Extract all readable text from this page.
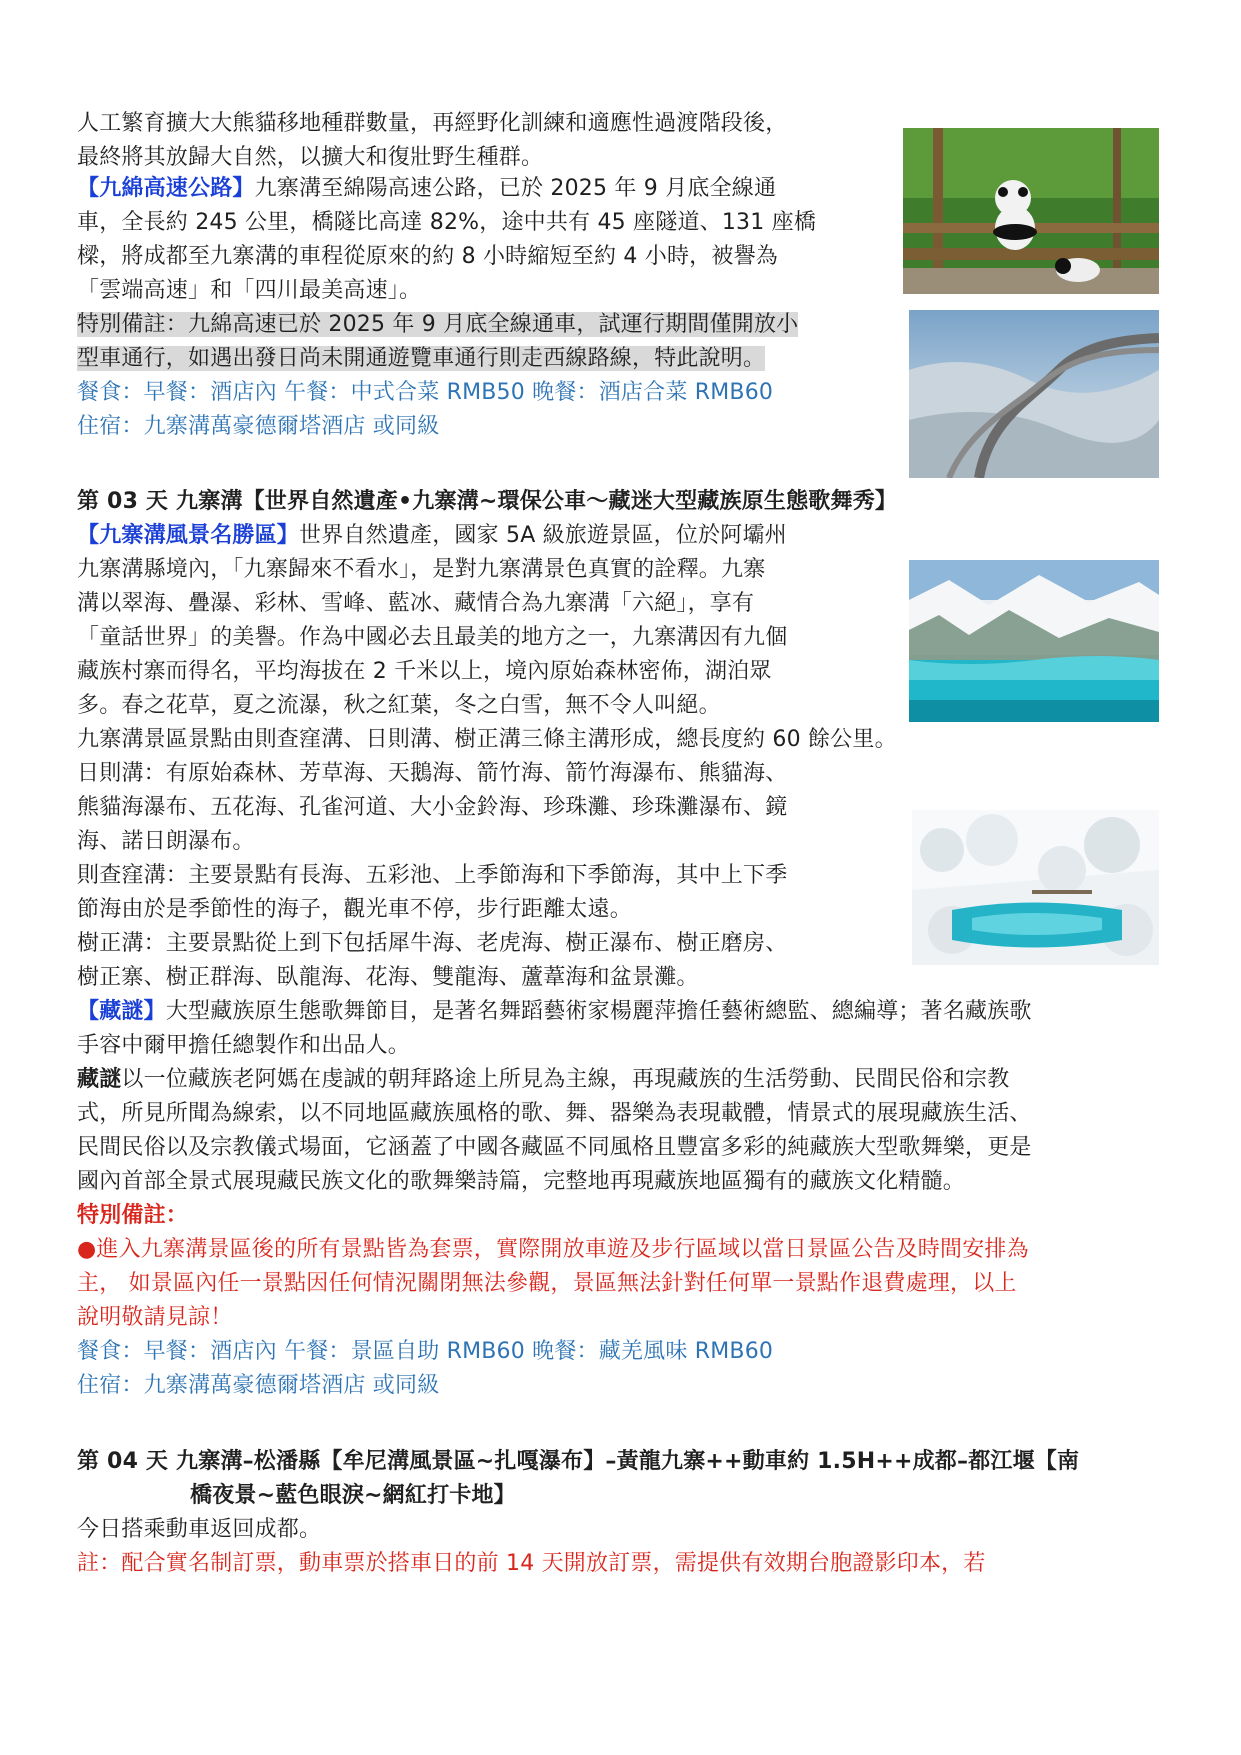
人工繁育擴大大熊貓移地種群數量，再經野化訓練和適應性過渡階段後，
最終將其放歸大自然，以擴大和復壯野生種群。
【九綿高速公路】九寨溝至綿陽高速公路，已於 2025 年 9 月底全線通
車，全長約 245 公里，橋隧比高達 82%，途中共有 45 座隧道、131 座橋
樑，將成都至九寨溝的車程從原來的約 8 小時縮短至約 4 小時，被譽為
「雲端高速」和「四川最美高速」。
特別備註：九綿高速已於 2025 年 9 月底全線通車，試運行期間僅開放小
型車通行，如遇出發日尚未開通遊覽車通行則走西線路線，特此說明。
餐食：早餐：酒店內 午餐：中式合菜 RMB50 晚餐：酒店合菜 RMB60
住宿：九寨溝萬豪德爾塔酒店 或同級
第 03 天 九寨溝【世界自然遺產•九寨溝~環保公車～藏迷大型藏族原生態歌舞秀】
【九寨溝風景名勝區】世界自然遺產，國家 5A 級旅遊景區，位於阿壩州
九寨溝縣境內，「九寨歸來不看水」，是對九寨溝景色真實的詮釋。九寨
溝以翠海、疊瀑、彩林、雪峰、藍冰、藏情合為九寨溝「六絕」，享有
「童話世界」的美譽。作為中國必去且最美的地方之一，九寨溝因有九個
藏族村寨而得名，平均海拔在 2 千米以上，境內原始森林密佈，湖泊眾
多。春之花草，夏之流瀑，秋之紅葉，冬之白雪，無不令人叫絕。
九寨溝景區景點由則查窪溝、日則溝、樹正溝三條主溝形成，總長度約 60 餘公里。
日則溝：有原始森林、芳草海、天鵝海、箭竹海、箭竹海瀑布、熊貓海、
熊貓海瀑布、五花海、孔雀河道、大小金鈴海、珍珠灘、珍珠灘瀑布、鏡
海、諾日朗瀑布。
則查窪溝：主要景點有長海、五彩池、上季節海和下季節海，其中上下季
節海由於是季節性的海子，觀光車不停，步行距離太遠。
樹正溝：主要景點從上到下包括犀牛海、老虎海、樹正瀑布、樹正磨房、
樹正寨、樹正群海、臥龍海、花海、雙龍海、蘆葦海和盆景灘。
【藏謎】大型藏族原生態歌舞節目，是著名舞蹈藝術家楊麗萍擔任藝術總監、總編導；著名藏族歌
手容中爾甲擔任總製作和出品人。
藏謎以一位藏族老阿媽在虔誠的朝拜路途上所見為主線，再現藏族的生活勞動、民間民俗和宗教
式，所見所聞為線索，以不同地區藏族風格的歌、舞、器樂為表現載體，情景式的展現藏族生活、
民間民俗以及宗教儀式場面，它涵蓋了中國各藏區不同風格且豐富多彩的純藏族大型歌舞樂，更是
國內首部全景式展現藏民族文化的歌舞樂詩篇，完整地再現藏族地區獨有的藏族文化精髓。
特別備註：
●進入九寨溝景區後的所有景點皆為套票，實際開放車遊及步行區域以當日景區公告及時間安排為
主， 如景區內任一景點因任何情況關閉無法參觀，景區無法針對任何單一景點作退費處理，以上
說明敬請見諒！
餐食：早餐：酒店內 午餐：景區自助 RMB60 晚餐：藏羌風味 RMB60
住宿：九寨溝萬豪德爾塔酒店 或同級
第 04 天 九寨溝–松潘縣【牟尼溝風景區~扎嘎瀑布】–黃龍九寨++動車約 1.5H++成都–都江堰【南
橋夜景~藍色眼淚~網紅打卡地】
今日搭乘動車返回成都。
註：配合實名制訂票，動車票於搭車日的前 14 天開放訂票，需提供有效期台胞證影印本，若
